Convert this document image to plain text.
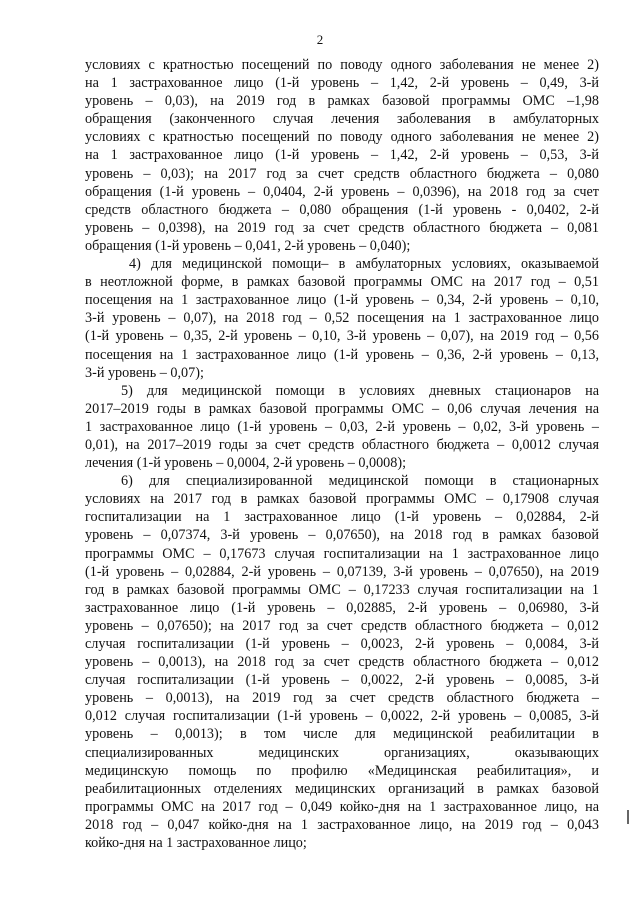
2
условиях с кратностью посещений по поводу одного заболевания не менее 2)
на 1 застрахованное лицо (1-й уровень – 1,42, 2-й уровень – 0,49, 3-й
уровень – 0,03), на 2019 год в рамках базовой программы ОМС –1,98
обращения (законченного случая лечения заболевания в амбулаторных
условиях с кратностью посещений по поводу одного заболевания не менее 2)
на 1 застрахованное лицо (1-й уровень – 1,42, 2-й уровень – 0,53, 3-й
уровень – 0,03); на 2017 год за счет средств областного бюджета – 0,080
обращения (1-й уровень – 0,0404, 2-й уровень – 0,0396), на 2018 год за счет
средств областного бюджета – 0,080 обращения (1-й уровень - 0,0402, 2-й
уровень – 0,0398), на 2019 год за счет средств областного бюджета – 0,081
обращения (1-й уровень – 0,041, 2-й уровень – 0,040);
4) для медицинской помощи– в амбулаторных условиях, оказываемой
в неотложной форме, в рамках базовой программы ОМС на 2017 год – 0,51
посещения на 1 застрахованное лицо (1-й уровень – 0,34, 2-й уровень – 0,10,
3-й уровень – 0,07), на 2018 год – 0,52 посещения на 1 застрахованное лицо
(1-й уровень – 0,35, 2-й уровень – 0,10, 3-й уровень – 0,07), на 2019 год – 0,56
посещения на 1 застрахованное лицо (1-й уровень – 0,36, 2-й уровень – 0,13,
3-й уровень – 0,07);
5) для медицинской помощи в условиях дневных стационаров на
2017–2019 годы в рамках базовой программы ОМС – 0,06 случая лечения на
1 застрахованное лицо (1-й уровень – 0,03, 2-й уровень – 0,02, 3-й уровень –
0,01), на 2017–2019 годы за счет средств областного бюджета – 0,0012 случая
лечения (1-й уровень – 0,0004, 2-й уровень – 0,0008);
6) для специализированной медицинской помощи в стационарных
условиях на 2017 год в рамках базовой программы ОМС – 0,17908 случая
госпитализации на 1 застрахованное лицо (1-й уровень – 0,02884, 2-й
уровень – 0,07374, 3-й уровень – 0,07650), на 2018 год в рамках базовой
программы ОМС – 0,17673 случая госпитализации на 1 застрахованное лицо
(1-й уровень – 0,02884, 2-й уровень – 0,07139, 3-й уровень – 0,07650), на 2019
год в рамках базовой программы ОМС – 0,17233 случая госпитализации на 1
застрахованное лицо (1-й уровень – 0,02885, 2-й уровень – 0,06980, 3-й
уровень – 0,07650); на 2017 год за счет средств областного бюджета – 0,012
случая госпитализации (1-й уровень – 0,0023, 2-й уровень – 0,0084, 3-й
уровень – 0,0013), на 2018 год за счет средств областного бюджета – 0,012
случая госпитализации (1-й уровень – 0,0022, 2-й уровень – 0,0085, 3-й
уровень – 0,0013), на 2019 год за счет средств областного бюджета –
0,012 случая госпитализации (1-й уровень – 0,0022, 2-й уровень – 0,0085, 3-й
уровень – 0,0013); в том числе для медицинской реабилитации в
специализированных медицинских организациях, оказывающих
медицинскую помощь по профилю «Медицинская реабилитация», и
реабилитационных отделениях медицинских организаций в рамках базовой
программы ОМС на 2017 год – 0,049 койко-дня на 1 застрахованное лицо, на
2018 год – 0,047 койко-дня на 1 застрахованное лицо, на 2019 год – 0,043
койко-дня на 1 застрахованное лицо;
